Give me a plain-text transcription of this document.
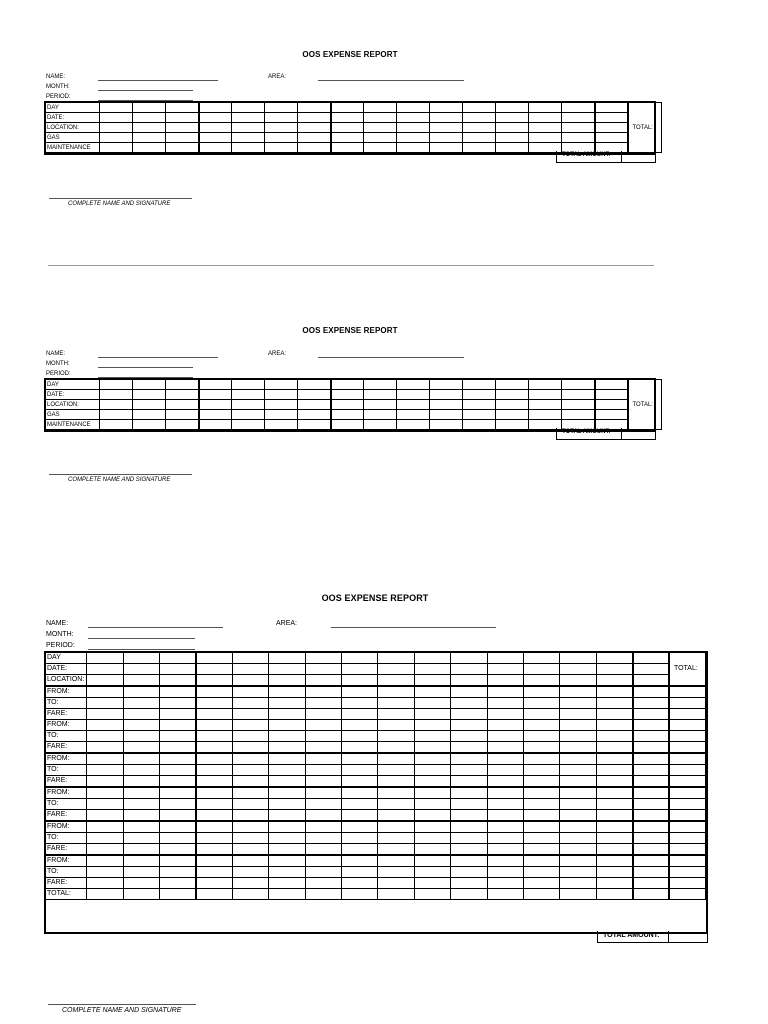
OOS EXPENSE REPORT
NAME:	AREA:
MONTH:
PERIOD:
DAY																	TOTAL:
DATE:																	
LOCATION:																	
GAS																	
MAINTENANCE																	
TOTAL AMOUNT:
COMPLETE NAME AND SIGNATURE
OOS EXPENSE REPORT
NAME:	AREA:
MONTH:
PERIOD:
DAY																	TOTAL:
DATE:																	
LOCATION:																	
GAS																	
MAINTENANCE																	
TOTAL AMOUNT:
COMPLETE NAME AND SIGNATURE
OOS EXPENSE REPORT
NAME:	AREA:
MONTH:
PERIOD:
DAY																	TOTAL:
DATE:																	
LOCATION:																	
FROM:																	
TO:																	
FARE:																	
FROM:																	
TO:																	
FARE:																	
FROM:																	
TO:																	
FARE:																	
FROM:																	
TO:																	
FARE:																	
FROM:																	
TO:																	
FARE:																	
FROM:																	
TO:																	
FARE:																	
TOTAL:																	
TOTAL AMOUNT:
COMPLETE NAME AND SIGNATURE
